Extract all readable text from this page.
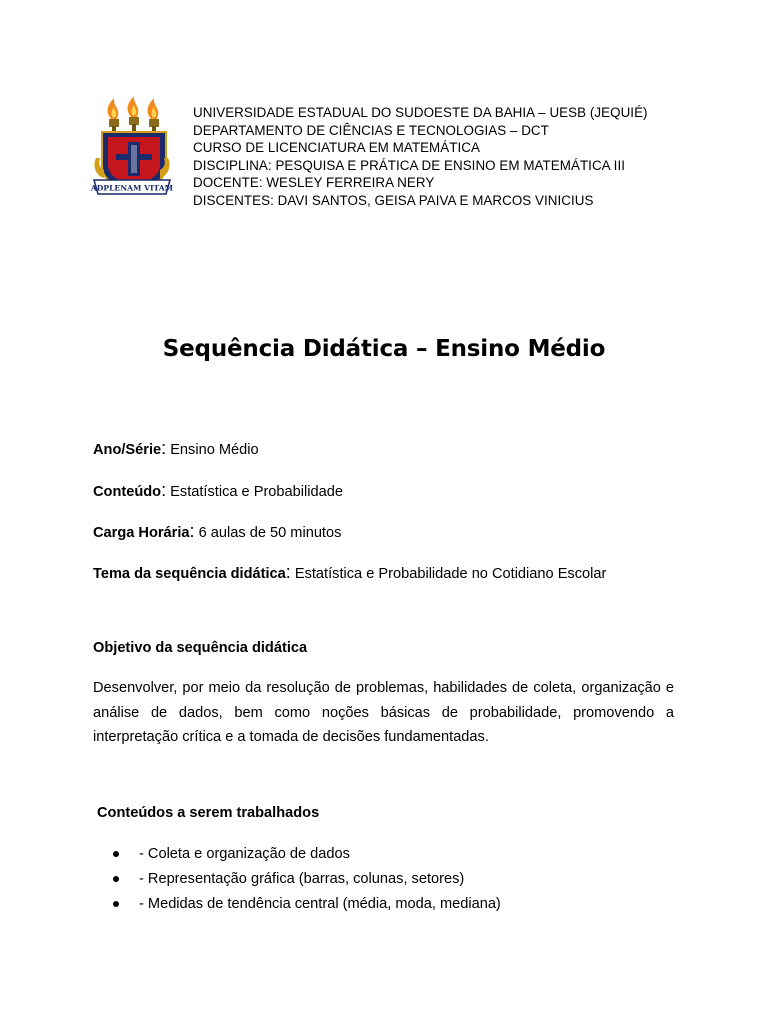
ADPLENAM VITAM
UNIVERSIDADE ESTADUAL DO SUDOESTE DA BAHIA – UESB (JEQUIÉ)
DEPARTAMENTO DE CIÊNCIAS E TECNOLOGIAS – DCT
CURSO DE LICENCIATURA EM MATEMÁTICA
DISCIPLINA: PESQUISA E PRÁTICA DE ENSINO EM MATEMÁTICA III
DOCENTE: WESLEY FERREIRA NERY
DISCENTES: DAVI SANTOS, GEISA PAIVA E MARCOS VINICIUS
Sequência Didática – Ensino Médio
Ano/Série: Ensino Médio
Conteúdo: Estatística e Probabilidade
Carga Horária: 6 aulas de 50 minutos
Tema da sequência didática: Estatística e Probabilidade no Cotidiano Escolar
Objetivo da sequência didática
Desenvolver, por meio da resolução de problemas, habilidades de coleta, organização e análise de dados, bem como noções básicas de probabilidade, promovendo a interpretação crítica e a tomada de decisões fundamentadas.
Conteúdos a serem trabalhados
- Coleta e organização de dados
- Representação gráfica (barras, colunas, setores)
- Medidas de tendência central (média, moda, mediana)
